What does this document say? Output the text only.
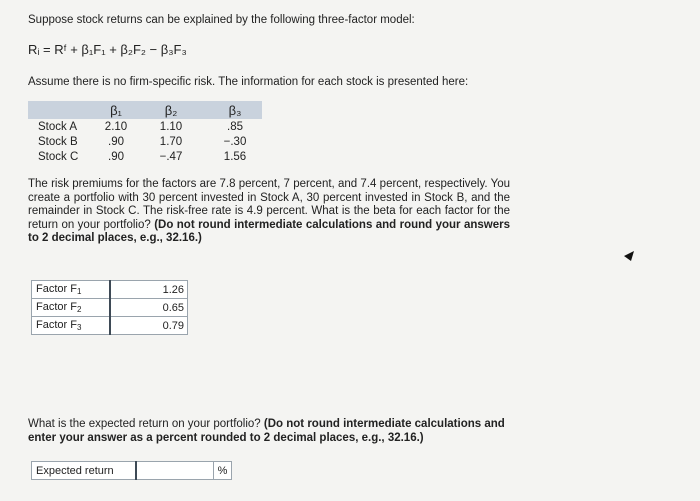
Suppose stock returns can be explained by the following three-factor model:
Rᵢ = Rᶠ + β₁F₁ + β₂F₂ − β₃F₃
Assume there is no firm-specific risk. The information for each stock is presented here:
	β₁	β₂	β₃
Stock A	2.10	1.10	.85
Stock B	.90	1.70	−.30
Stock C	.90	−.47	1.56
The risk premiums for the factors are 7.8 percent, 7 percent, and 7.4 percent, respectively. You create a portfolio with 30 percent invested in Stock A, 30 percent invested in Stock B, and the remainder in Stock C. The risk-free rate is 4.9 percent. What is the beta for each factor for the return on your portfolio? (Do not round intermediate calculations and round your answers to 2 decimal places, e.g., 32.16.)
Factor $F_1$	1.26
Factor $F_2$	0.65
Factor $F_3$	0.79
What is the expected return on your portfolio? (Do not round intermediate calculations and enter your answer as a percent rounded to 2 decimal places, e.g., 32.16.)
Expected return		%
